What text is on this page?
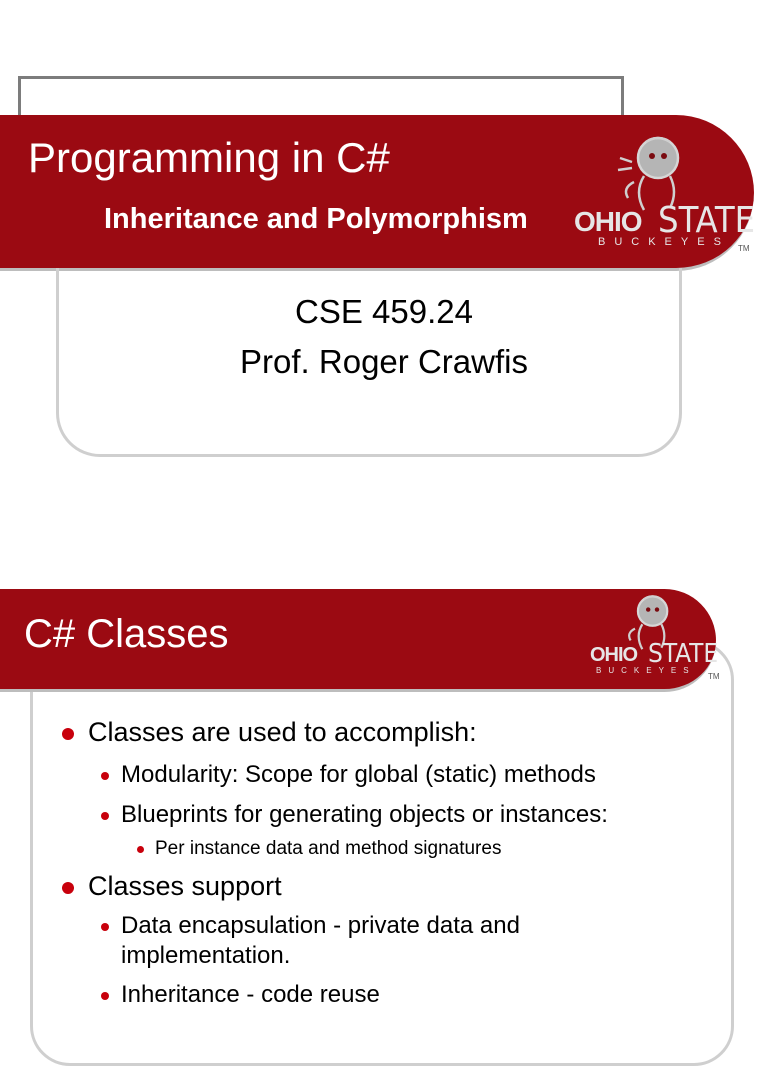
Programming in C#
OHIO STATE
BUCKEYES
TM
Inheritance and Polymorphism
CSE 459.24
Prof. Roger Crawfis
C# Classes	OHIO STATE
BUCKEYES
TM
Classes are used to accomplish:
Modularity: Scope for global (static) methods
Blueprints for generating objects or instances:
Per instance data and method signatures
Classes support
Data encapsulation - private data and
implementation.
Inheritance - code reuse
